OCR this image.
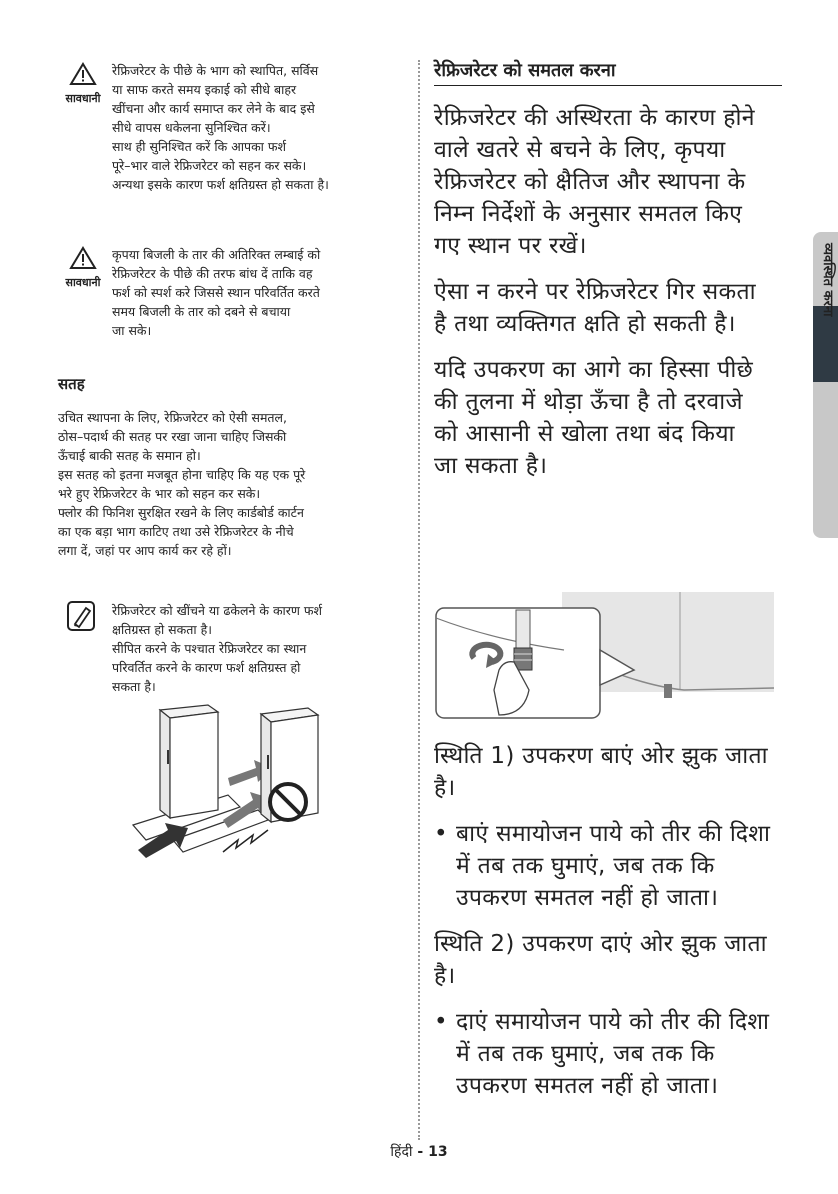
सावधानी
रेफ्रिजरेटर के पीछे के भाग को स्थापित, सर्विस
या साफ करते समय इकाई को सीधे बाहर
खींचना और कार्य समाप्त कर लेने के बाद इसे
सीधे वापस धकेलना सुनिश्चित करें।
साथ ही सुनिश्चित करें कि आपका फर्श
पूरे–भार वाले रेफ्रिजरेटर को सहन कर सके।
अन्यथा इसके कारण फर्श क्षतिग्रस्त हो सकता है।
सावधानी
कृपया बिजली के तार की अतिरिक्त लम्बाई को
रेफ्रिजरेटर के पीछे की तरफ बांध दें ताकि वह
फर्श को स्पर्श करे जिससे स्थान परिवर्तित करते
समय बिजली के तार को दबने से बचाया
जा सके।
सतह
उचित स्थापना के लिए, रेफ्रिजरेटर को ऐसी समतल,
ठोस–पदार्थ की सतह पर रखा जाना चाहिए जिसकी
ऊँचाई बाकी सतह के समान हो।
इस सतह को इतना मजबूत होना चाहिए कि यह एक पूरे
भरे हुए रेफ्रिजरेटर के भार को सहन कर सके।
फ्लोर की फिनिश सुरक्षित रखने के लिए कार्डबोर्ड कार्टन
का एक बड़ा भाग काटिए तथा उसे रेफ्रिजरेटर के नीचे
लगा दें, जहां पर आप कार्य कर रहे हों।
रेफ्रिजरेटर को खींचने या ढकेलने के कारण फर्श
क्षतिग्रस्त हो सकता है।
सीपित करने के पश्चात रेफ्रिजरेटर का स्थान
परिवर्तित करने के कारण फर्श क्षतिग्रस्त हो
सकता है।
रेफ्रिजरेटर को समतल करना

रेफ्रिजरेटर की अस्थिरता के कारण होने वाले खतरे से बचने के लिए, कृपया रेफ्रिजरेटर को क्षैतिज और स्थापना के निम्न निर्देशों के अनुसार समतल किए गए स्थान पर रखें।

ऐसा न करने पर रेफ्रिजरेटर गिर सकता है तथा व्यक्तिगत क्षति हो सकती है।

यदि उपकरण का आगे का हिस्सा पीछे की तुलना में थोड़ा ऊँचा है तो दरवाजे को आसानी से खोला तथा बंद किया जा सकता है।

स्थिति 1) उपकरण बाएं ओर झुक जाता है।

• बाएं समायोजन पाये को तीर की दिशा में तब तक घुमाएं, जब तक कि उपकरण समतल नहीं हो जाता।

स्थिति 2) उपकरण दाएं ओर झुक जाता है।

• दाएं समायोजन पाये को तीर की दिशा में तब तक घुमाएं, जब तक कि उपकरण समतल नहीं हो जाता।

व्यवस्थित करना
हिंदी - 13
